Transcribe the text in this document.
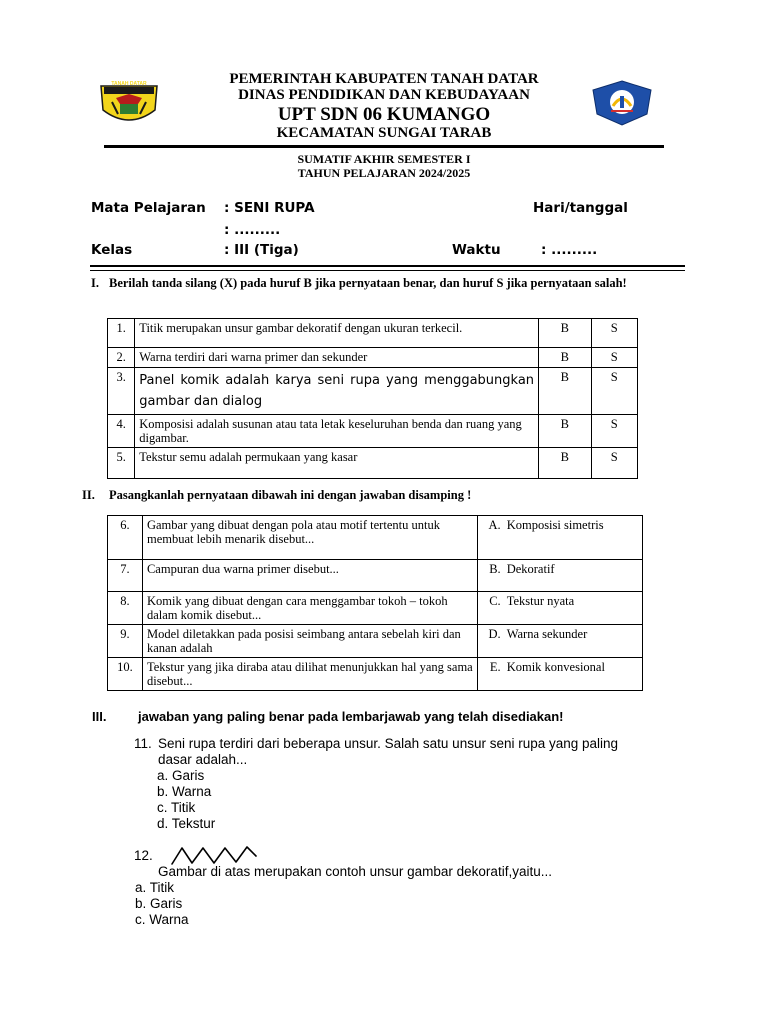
TANAH DATAR	PEMERINTAH KABUPATEN TANAH DATAR
DINAS PENDIDIKAN DAN KEBUDAYAAN
UPT SDN 06 KUMANGO
KECAMATAN SUNGAI TARAB
SUMATIF AKHIR SEMESTER I
TAHUN PELAJARAN 2024/2025
Mata Pelajaran : SENI RUPA	Hari/tanggal
: .........
Kelas	: III (Tiga)	Waktu	: .........
I. Berilah tanda silang (X) pada huruf B jika pernyataan benar, dan huruf S jika pernyataan salah!
1.	Titik merupakan unsur gambar dekoratif dengan ukuran terkecil.	B	S
2.	Warna terdiri dari warna primer dan sekunder	B	S
3.	Panel komik adalah karya seni rupa yang menggabungkan gambar dan dialog	B	S
4.	Komposisi adalah susunan atau tata letak keseluruhan benda dan ruang yang digambar.	B	S
5.	Tekstur semu adalah permukaan yang kasar	B	S
II. Pasangkanlah pernyataan dibawah ini dengan jawaban disamping !
6.	Gambar yang dibuat dengan pola atau motif tertentu untuk membuat lebih menarik disebut...	A.	Komposisi simetris
7.	Campuran dua warna primer disebut...	B.	Dekoratif
8.	Komik yang dibuat dengan cara menggambar tokoh – tokoh dalam komik disebut...	C.	Tekstur nyata
9.	Model diletakkan pada posisi seimbang antara sebelah kiri dan kanan adalah	D.	Warna sekunder
10.	Tekstur yang jika diraba atau dilihat menunjukkan hal yang sama disebut...	E.	Komik konvesional
III. jawaban yang paling benar pada lembarjawab yang telah disediakan!
11. Seni rupa terdiri dari beberapa unsur. Salah satu unsur seni rupa yang paling
dasar adalah...
a. Garis
b. Warna
c. Titik
d. Tekstur
12.
Gambar di atas merupakan contoh unsur gambar dekoratif,yaitu...
a. Titik
b. Garis
c. Warna
